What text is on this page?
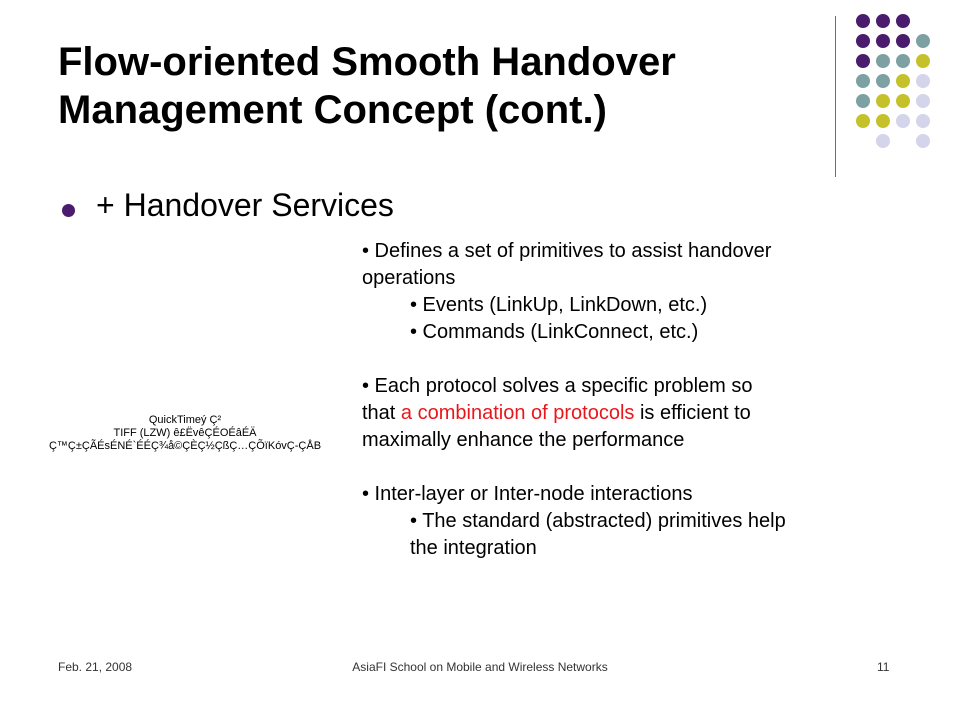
Flow-oriented Smooth Handover
Management Concept (cont.)
+ Handover Services
• Defines a set of primitives to assist handover
operations
• Events (LinkUp, LinkDown, etc.)
• Commands (LinkConnect, etc.)
• Each protocol solves a specific problem so
that a combination of protocols is efficient to
maximally enhance the performance
• Inter-layer or Inter-node interactions
• The standard (abstracted) primitives help
the integration
QuickTimeý Ç²
TIFF (LZW) ê£ËvêÇÉOÉâÉÄ
Ç™Ç±ÇÃÉsÉNÉ`ÉÉÇ¾å©ÇÈÇ½ÇßÇ…ÇÕïKóvÇ-ÇÅB
Feb. 21, 2008	AsiaFI School on Mobile and Wireless Networks	11
